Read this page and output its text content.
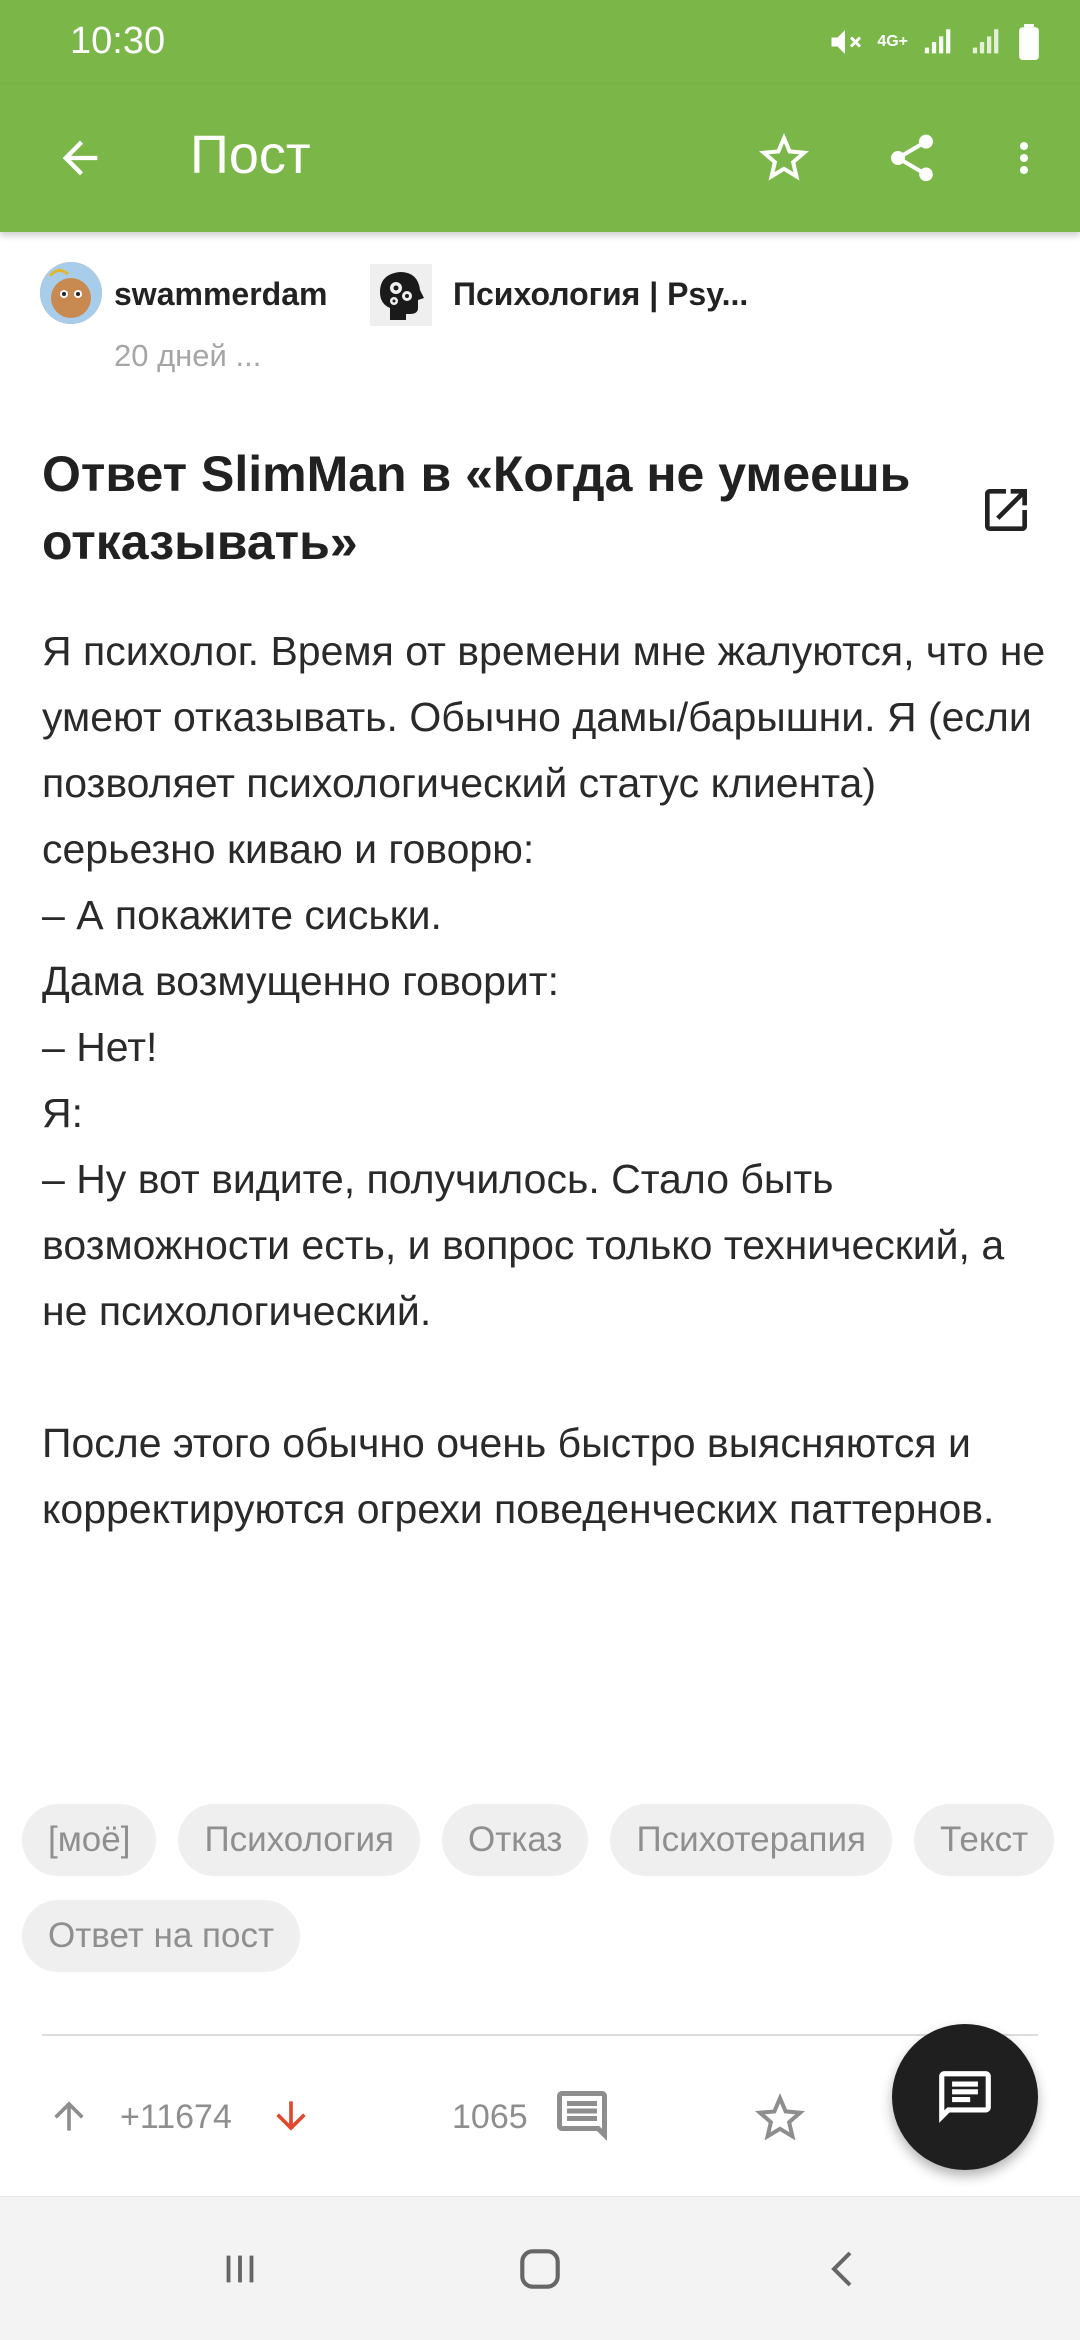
10:30	4G+
Пост
swammerdam	Психология | Psy...
20 дней ...
Ответ SlimMan в «Когда не умеешь отказывать»
Я психолог. Время от времени мне жалуются, что не умеют отказывать. Обычно дамы/барышни. Я (если позволяет психологический статус клиента) серьезно киваю и говорю:
– А покажите сиськи.
Дама возмущенно говорит:
– Нет!
Я:
– Ну вот видите, получилось. Стало быть возможности есть, и вопрос только технический, а не психологический.

После этого обычно очень быстро выясняются и корректируются огрехи поведенческих паттернов.
[моё]	Психология	Отказ	Психотерапия	Текст
Ответ на пост
+11674	1065
